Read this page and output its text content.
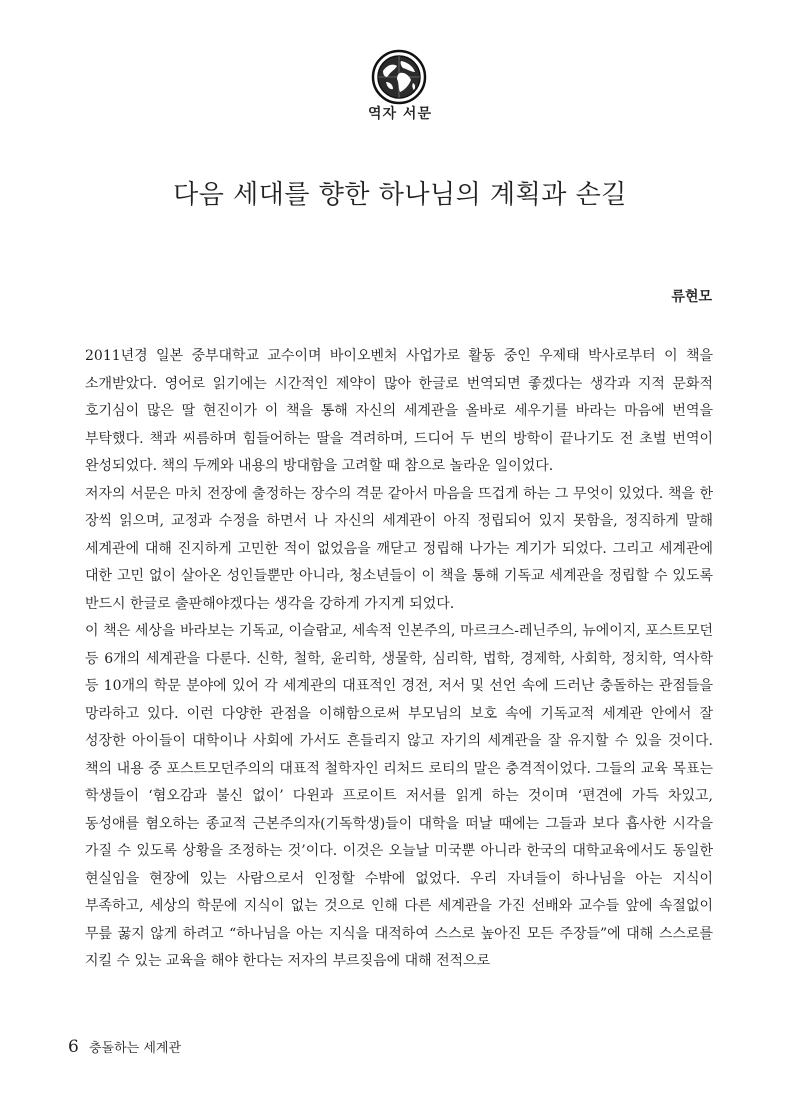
역자 서문
다음 세대를 향한 하나님의 계획과 손길
류현모

2011년경 일본 중부대학교 교수이며 바이오벤처 사업가로 활동 중인 우제태 박사로부터 이 책을 소개받았다. 영어로 읽기에는 시간적인 제약이 많아 한글로 번역되면 좋겠다는 생각과 지적 문화적 호기심이 많은 딸 현진이가 이 책을 통해 자신의 세계관을 올바로 세우기를 바라는 마음에 번역을 부탁했다. 책과 씨름하며 힘들어하는 딸을 격려하며, 드디어 두 번의 방학이 끝나기도 전 초벌 번역이 완성되었다. 책의 두께와 내용의 방대함을 고려할 때 참으로 놀라운 일이었다.

저자의 서문은 마치 전장에 출정하는 장수의 격문 같아서 마음을 뜨겁게 하는 그 무엇이 있었다. 책을 한 장씩 읽으며, 교정과 수정을 하면서 나 자신의 세계관이 아직 정립되어 있지 못함을, 정직하게 말해 세계관에 대해 진지하게 고민한 적이 없었음을 깨닫고 정립해 나가는 계기가 되었다. 그리고 세계관에 대한 고민 없이 살아온 성인들뿐만 아니라, 청소년들이 이 책을 통해 기독교 세계관을 정립할 수 있도록 반드시 한글로 출판해야겠다는 생각을 강하게 가지게 되었다.

이 책은 세상을 바라보는 기독교, 이슬람교, 세속적 인본주의, 마르크스-레닌주의, 뉴에이지, 포스트모던 등 6개의 세계관을 다룬다. 신학, 철학, 윤리학, 생물학, 심리학, 법학, 경제학, 사회학, 정치학, 역사학 등 10개의 학문 분야에 있어 각 세계관의 대표적인 경전, 저서 및 선언 속에 드러난 충돌하는 관점들을 망라하고 있다. 이런 다양한 관점을 이해함으로써 부모님의 보호 속에 기독교적 세계관 안에서 잘 성장한 아이들이 대학이나 사회에 가서도 흔들리지 않고 자기의 세계관을 잘 유지할 수 있을 것이다. 책의 내용 중 포스트모던주의의 대표적 철학자인 리처드 로티의 말은 충격적이었다. 그들의 교육 목표는 학생들이 ‘혐오감과 불신 없이’ 다윈과 프로이트 저서를 읽게 하는 것이며 ‘편견에 가득 차있고, 동성애를 혐오하는 종교적 근본주의자(기독학생)들이 대학을 떠날 때에는 그들과 보다 흡사한 시각을 가질 수 있도록 상황을 조정하는 것’이다. 이것은 오늘날 미국뿐 아니라 한국의 대학교육에서도 동일한 현실임을 현장에 있는 사람으로서 인정할 수밖에 없었다. 우리 자녀들이 하나님을 아는 지식이 부족하고, 세상의 학문에 지식이 없는 것으로 인해 다른 세계관을 가진 선배와 교수들 앞에 속절없이 무릎 꿇지 않게 하려고 “하나님을 아는 지식을 대적하여 스스로 높아진 모든 주장들”에 대해 스스로를 지킬 수 있는 교육을 해야 한다는 저자의 부르짖음에 대해 전적으로

6 충돌하는 세계관
